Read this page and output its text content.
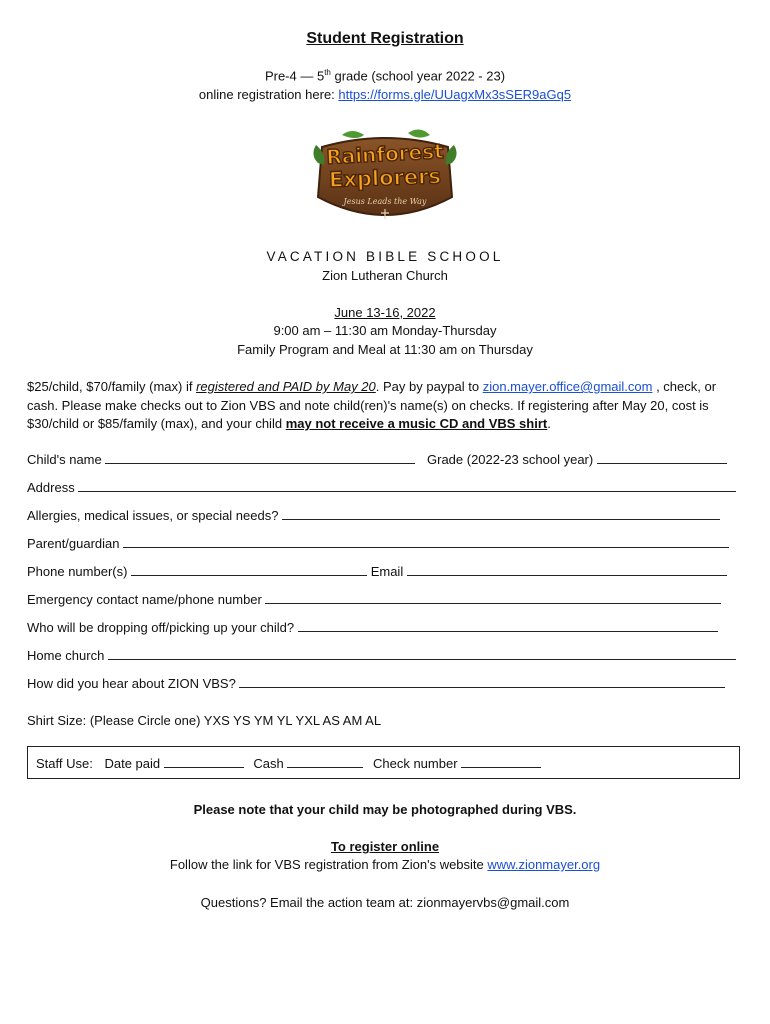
Student Registration
Pre-4 — 5th grade (school year 2022 - 23)
online registration here: https://forms.gle/UUagxMx3sSER9aGq5
Rainforest
Explorers
Jesus Leads the Way
VACATION BIBLE SCHOOL
Zion Lutheran Church
June 13-16, 2022
9:00 am – 11:30 am Monday-Thursday
Family Program and Meal at 11:30 am on Thursday
$25/child, $70/family (max) if registered and PAID by May 20. Pay by paypal to zion.mayer.office@gmail.com , check, or cash. Please make checks out to Zion VBS and note child(ren)'s name(s) on checks. If registering after May 20, cost is $30/child or $85/family (max), and your child may not receive a music CD and VBS shirt.
Child's name	Grade (2022-23 school year)
Address
Allergies, medical issues, or special needs?
Parent/guardian
Phone number(s)	Email
Emergency contact name/phone number
Who will be dropping off/picking up your child?
Home church
How did you hear about ZION VBS?
Shirt Size: (Please Circle one) YXS YS YM YL YXL AS AM AL
Staff Use: Date paid	Cash	Check number
Please note that your child may be photographed during VBS.
To register online
Follow the link for VBS registration from Zion's website www.zionmayer.org
Questions? Email the action team at: zionmayervbs@gmail.com
